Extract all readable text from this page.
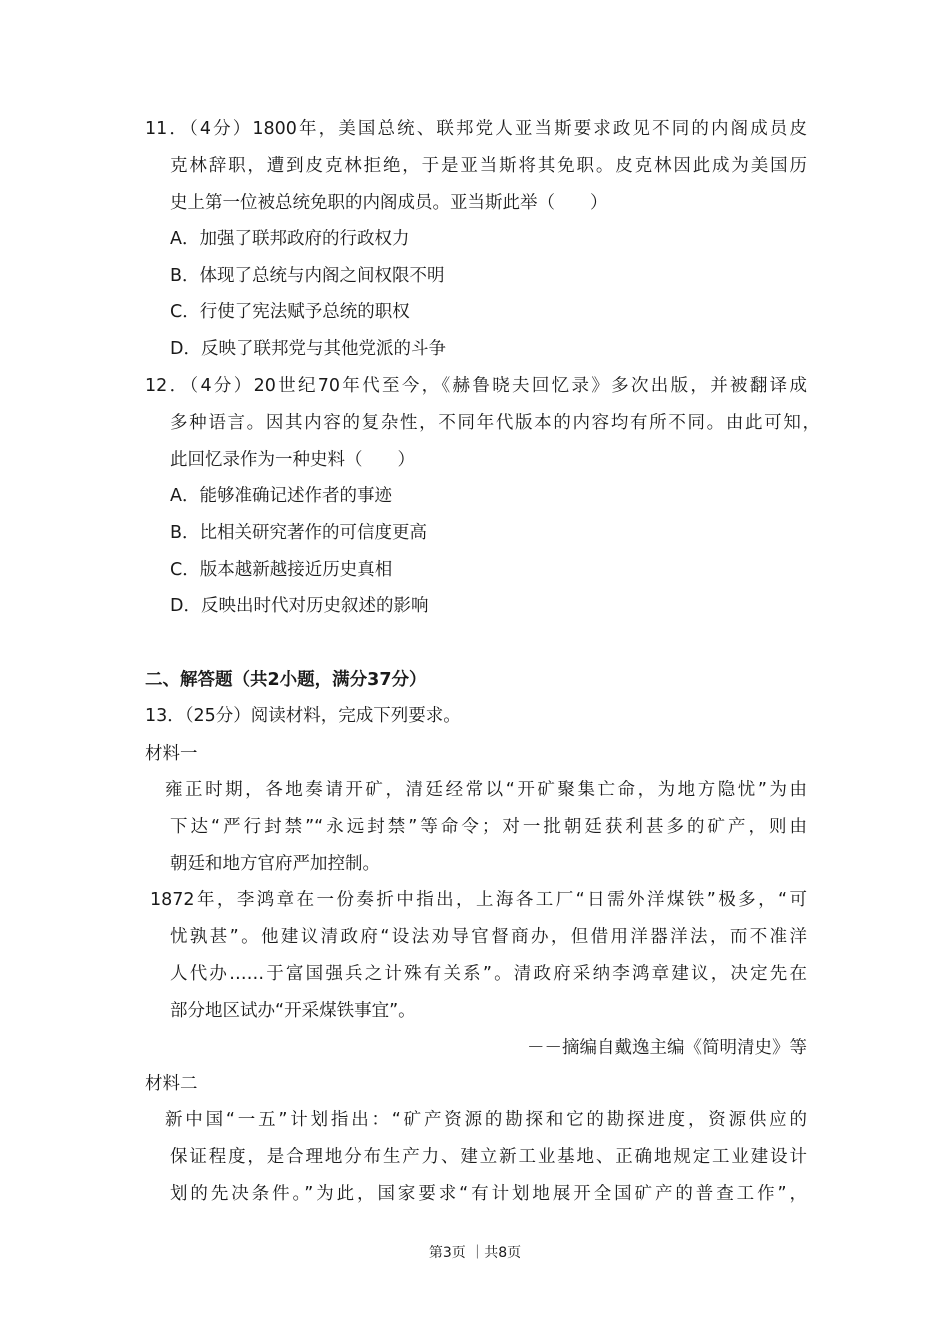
11．（4分）1800年，美国总统、联邦党人亚当斯要求政见不同的内阁成员皮
克林辞职，遭到皮克林拒绝，于是亚当斯将其免职。皮克林因此成为美国历
史上第一位被总统免职的内阁成员。亚当斯此举（　　）
A．加强了联邦政府的行政权力
B．体现了总统与内阁之间权限不明
C．行使了宪法赋予总统的职权
D．反映了联邦党与其他党派的斗争
12．（4分）20世纪70年代至今，《赫鲁晓夫回忆录》多次出版，并被翻译成
多种语言。因其内容的复杂性，不同年代版本的内容均有所不同。由此可知，
此回忆录作为一种史料（　　）
A．能够准确记述作者的事迹
B．比相关研究著作的可信度更高
C．版本越新越接近历史真相
D．反映出时代对历史叙述的影响
二、解答题（共2小题，满分37分）
13．（25分）阅读材料，完成下列要求。
材料一
雍正时期，各地奏请开矿，清廷经常以“开矿聚集亡命，为地方隐忧”为由
下达“严行封禁”“永远封禁”等命令；对一批朝廷获利甚多的矿产，则由
朝廷和地方官府严加控制。
1872年，李鸿章在一份奏折中指出，上海各工厂“日需外洋煤铁”极多，“可
忧孰甚”。他建议清政府“设法劝导官督商办，但借用洋器洋法，而不准洋
人代办……于富国强兵之计殊有关系”。清政府采纳李鸿章建议，决定先在
部分地区试办“开采煤铁事宜”。
－－摘编自戴逸主编《简明清史》等
材料二
新中国“一五”计划指出：“矿产资源的勘探和它的勘探进度，资源供应的
保证程度，是合理地分布生产力、建立新工业基地、正确地规定工业建设计
划的先决条件。”为此，国家要求“有计划地展开全国矿产的普查工作”，
第3页 ｜共8页
